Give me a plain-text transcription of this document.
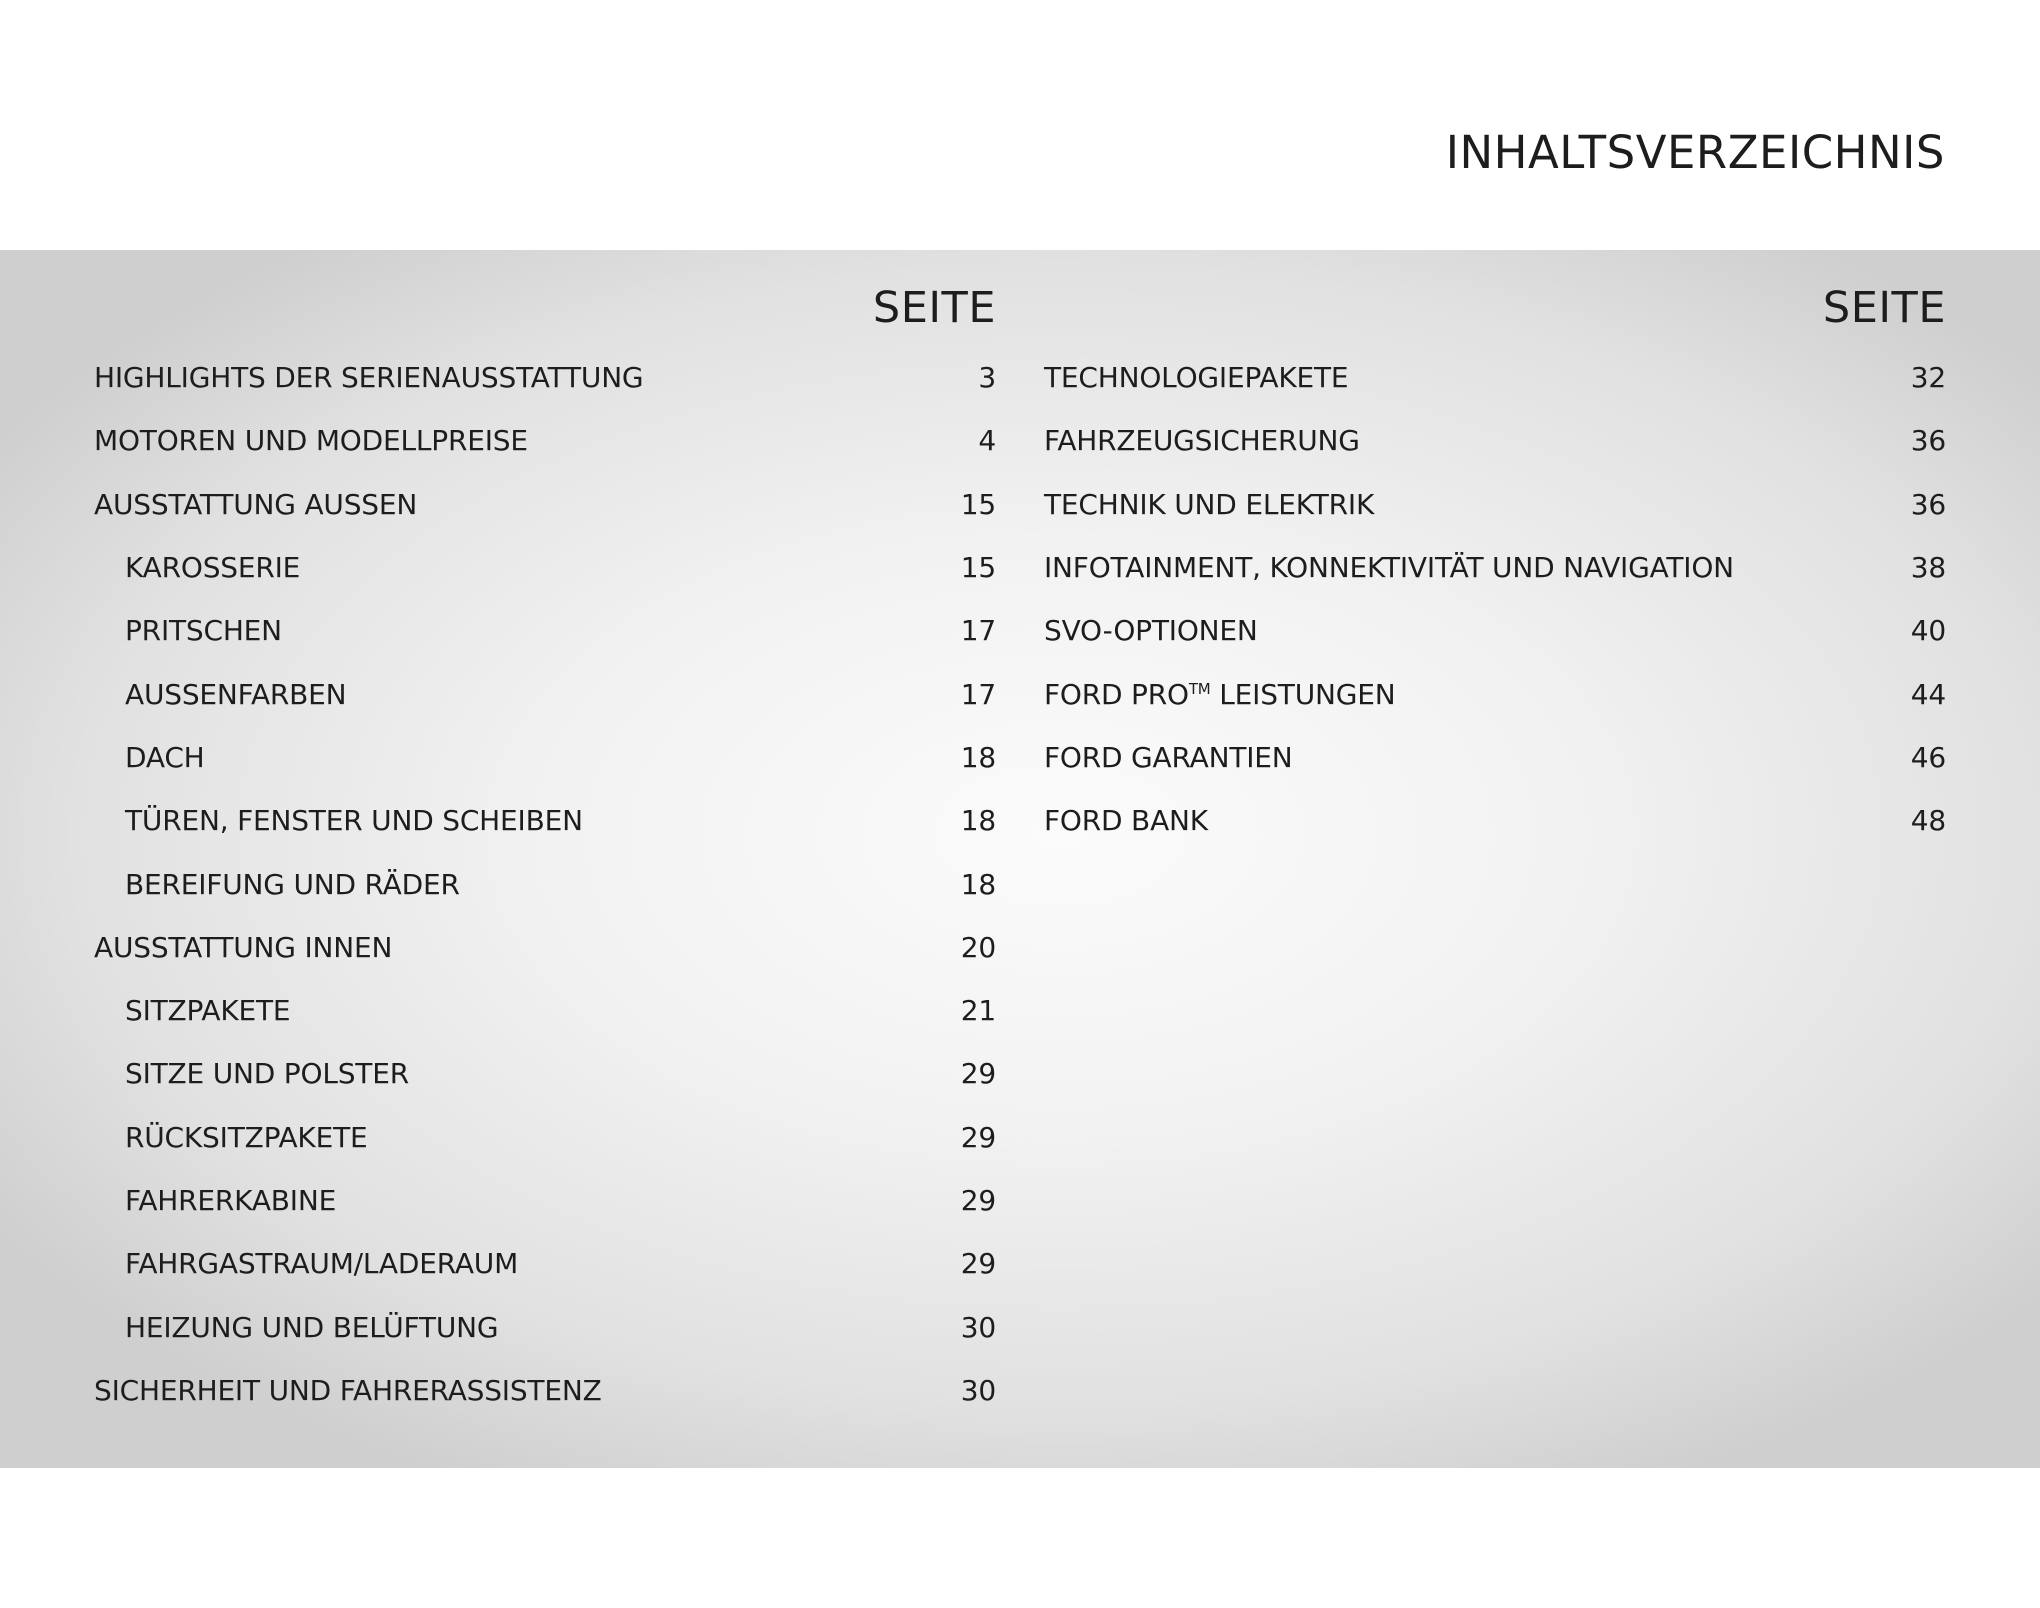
INHALTSVERZEICHNIS
SEITE
HIGHLIGHTS DER SERIENAUSSTATTUNG	3
MOTOREN UND MODELLPREISE	4
AUSSTATTUNG AUSSEN	15
KAROSSERIE	15
PRITSCHEN	17
AUSSENFARBEN	17
DACH	18
TÜREN, FENSTER UND SCHEIBEN	18
BEREIFUNG UND RÄDER	18
AUSSTATTUNG INNEN	20
SITZPAKETE	21
SITZE UND POLSTER	29
RÜCKSITZPAKETE	29
FAHRERKABINE	29
FAHRGASTRAUM/LADERAUM	29
HEIZUNG UND BELÜFTUNG	30
SICHERHEIT UND FAHRERASSISTENZ	30
SEITE
TECHNOLOGIEPAKETE	32
FAHRZEUGSICHERUNG	36
TECHNIK UND ELEKTRIK	36
INFOTAINMENT, KONNEKTIVITÄT UND NAVIGATION	38
SVO-OPTIONEN	40
FORD PRO™ LEISTUNGEN	44
FORD GARANTIEN	46
FORD BANK	48
